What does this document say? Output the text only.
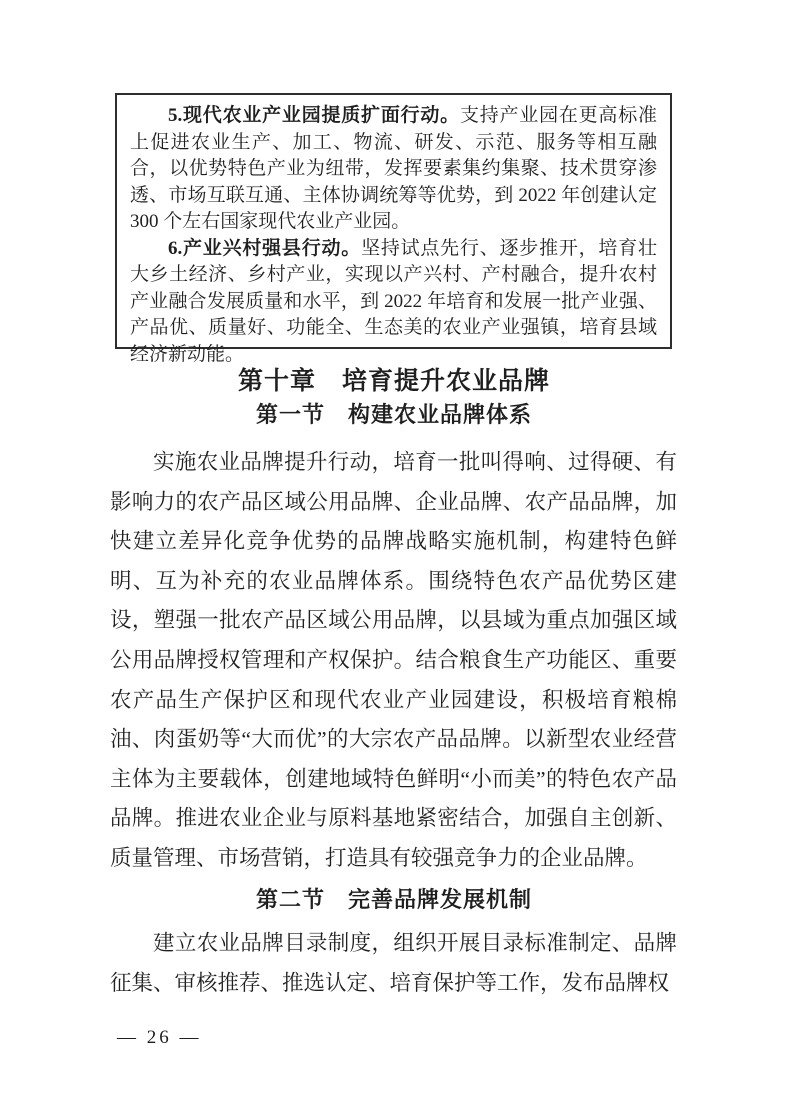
5.现代农业产业园提质扩面行动。支持产业园在更高标准上促进农业生产、加工、物流、研发、示范、服务等相互融合，以优势特色产业为纽带，发挥要素集约集聚、技术贯穿渗透、市场互联互通、主体协调统筹等优势，到 2022 年创建认定 300 个左右国家现代农业产业园。

6.产业兴村强县行动。坚持试点先行、逐步推开，培育壮大乡土经济、乡村产业，实现以产兴村、产村融合，提升农村产业融合发展质量和水平，到 2022 年培育和发展一批产业强、产品优、质量好、功能全、生态美的农业产业强镇，培育县域经济新动能。

第十章　培育提升农业品牌
第一节　构建农业品牌体系

实施农业品牌提升行动，培育一批叫得响、过得硬、有影响力的农产品区域公用品牌、企业品牌、农产品品牌，加快建立差异化竞争优势的品牌战略实施机制，构建特色鲜明、互为补充的农业品牌体系。围绕特色农产品优势区建设，塑强一批农产品区域公用品牌，以县域为重点加强区域公用品牌授权管理和产权保护。结合粮食生产功能区、重要农产品生产保护区和现代农业产业园建设，积极培育粮棉油、肉蛋奶等“大而优”的大宗农产品品牌。以新型农业经营主体为主要载体，创建地域特色鲜明“小而美”的特色农产品品牌。推进农业企业与原料基地紧密结合，加强自主创新、质量管理、市场营销，打造具有较强竞争力的企业品牌。

第二节　完善品牌发展机制

建立农业品牌目录制度，组织开展目录标准制定、品牌征集、审核推荐、推选认定、培育保护等工作，发布品牌权

— 26 —
